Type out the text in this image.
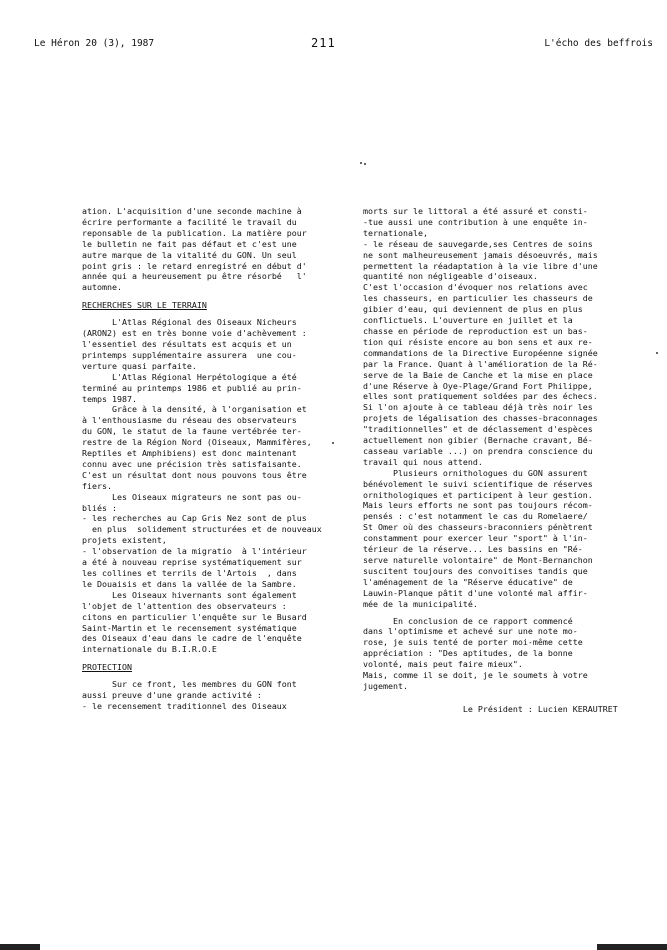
Le Héron 20 (3), 1987	211	L'écho des beffrois

ation. L'acquisition d'une seconde machine à

écrire performante a facilité le travail du

reponsable de la publication. La matière pour

le bulletin ne fait pas défaut et c'est une

autre marque de la vitalité du GON. Un seul

point gris : le retard enregistré en début d'

année qui a heureusement pu être résorbé   l'

automne.

RECHERCHES SUR LE TERRAIN

L'Atlas Régional des Oiseaux Nicheurs

(ARON2) est en très bonne voie d'achèvement :

l'essentiel des résultats est acquis et un

printemps supplémentaire assurera  une cou-

verture quasi parfaite.

L'Atlas Régional Herpétologique a été

terminé au printemps 1986 et publié au prin-

temps 1987.

Grâce à la densité, à l'organisation et

à l'enthousiasme du réseau des observateurs

du GON, le statut de la faune vertébrée ter-

restre de la Région Nord (Oiseaux, Mammifères,

Reptiles et Amphibiens) est donc maintenant

connu avec une précision très satisfaisante.

C'est un résultat dont nous pouvons tous être

fiers.

Les Oiseaux migrateurs ne sont pas ou-

bliés :

- les recherches au Cap Gris Nez sont de plus

en plus  solidement structurées et de nouveaux

projets existent,

- l'observation de la migratio  à l'intérieur

a été à nouveau reprise systématiquement sur

les collines et terrils de l'Artois  , dans

le Douaisis et dans la vallée de la Sambre.

Les Oiseaux hivernants sont également

l'objet de l'attention des observateurs :

citons en particulier l'enquête sur le Busard

Saint-Martin et le recensement systématique

des Oiseaux d'eau dans le cadre de l'enquête

internationale du B.I.R.O.E

PROTECTION

Sur ce front, les membres du GON font

aussi preuve d'une grande activité :

- le recensement traditionnel des Oiseaux

morts sur le littoral a été assuré et consti-

-tue aussi une contribution à une enquête in-

ternationale,

- le réseau de sauvegarde,ses Centres de soins

ne sont malheureusement jamais désoeuvrés, mais

permettent la réadaptation à la vie libre d'une

quantité non négligeable d'oiseaux.

C'est l'occasion d'évoquer nos relations avec

les chasseurs, en particulier les chasseurs de

gibier d'eau, qui deviennent de plus en plus

conflictuels. L'ouverture en juillet et la

chasse en période de reproduction est un bas-

tion qui résiste encore au bon sens et aux re-

commandations de la Directive Européenne signée

par la France. Quant à l'amélioration de la Ré-

serve de la Baie de Canche et la mise en place

d'une Réserve à Oye-Plage/Grand Fort Philippe,

elles sont pratiquement soldées par des échecs.

Si l'on ajoute à ce tableau déjà très noir les

projets de légalisation des chasses-braconnages

"traditionnelles" et de déclassement d'espèces

actuellement non gibier (Bernache cravant, Bé-

casseau variable ...) on prendra conscience du

travail qui nous attend.

Plusieurs ornithologues du GON assurent

bénévolement le suivi scientifique de réserves

ornithologiques et participent à leur gestion.

Mais leurs efforts ne sont pas toujours récom-

pensés : c'est notamment le cas du Romelaere/

St Omer où des chasseurs-braconniers pénètrent

constamment pour exercer leur "sport" à l'in-

térieur de la réserve... Les bassins en "Ré-

serve naturelle volontaire" de Mont-Bernanchon

suscitent toujours des convoitises tandis que

l'aménagement de la "Réserve éducative" de

Lauwin-Planque pâtit d'une volonté mal affir-

mée de la municipalité.

En conclusion de ce rapport commencé

dans l'optimisme et achevé sur une note mo-

rose, je suis tenté de porter moi-même cette

appréciation : "Des aptitudes, de la bonne

volonté, mais peut faire mieux".

Mais, comme il se doit, je le soumets à votre

jugement.

Le Président : Lucien KERAUTRET
